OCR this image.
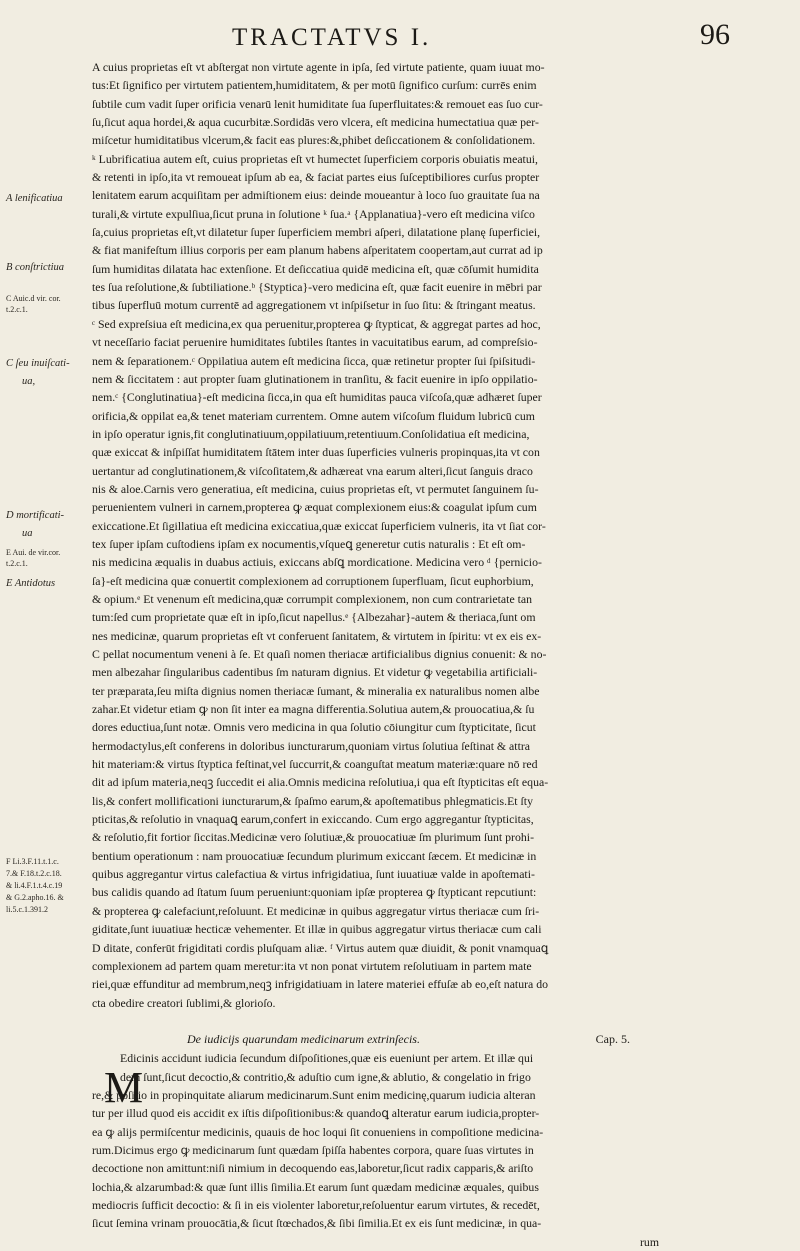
TRACTATVS I.	96
A lenificatiua
B conſtrictiua
C Auic.d vir. cor. t.2.c.1.
C ſeu inuiſcati-
ua,
D mortificati-
ua
E Aui. de vir.cor. t.2.c.1.
E Antidotus
F Li.3.F.11.t.1.c.
7.& F.18.t.2.c.18.
& li.4.F.1.t.4.c.19
& G.2.apho.16. &
li.5.c.1.391.2
A cuius proprietas eſt vt abſtergat non virtute agente in ipſa, ſed virtute patiente, quam iuuat mo-
tus:Et ſignifico per virtutem patientem,humiditatem, & per motū ſignifico curſum: currēs enim
ſubtile cum vadit ſuper orificia venarū lenit humiditate ſua ſuperfluitates:& remouet eas ſuo cur-
ſu,ſicut aqua hordei,& aqua cucurbitæ.Sordidās vero vlcera, eſt medicina humectatiua quæ per-
miſcetur humiditatibus vlcerum,& facit eas plures:&,phibet deſiccationem & conſolidationem.
ᵏ Lubrificatiua autem eſt, cuius proprietas eſt vt humectet ſuperficiem corporis obuiatis meatui,
& retenti in ipſo,ita vt remoueat ipſum ab ea, & faciat partes eius ſuſceptibiliores curſus propter
lenitatem earum acquiſitam per admiſtionem eius: deinde moueantur à loco ſuo grauitate ſua na
turali,& virtute expulſiua,ſicut pruna in ſolutione ᵏ ſua.ᵃ {Applanatiua}-vero eſt medicina viſco
ſa,cuius proprietas eſt,vt dilatetur ſuper ſuperficiem membri aſperi, dilatatione planę ſuperficiei,
& fiat manifeſtum illius corporis per eam planum habens aſperitatem coopertam,aut currat ad ip
ſum humiditas dilatata hac extenſione. Et deſiccatiua quidē medicina eſt, quæ cōſumit humidita
tes ſua reſolutione,& ſubtiliatione.ᵇ {Styptica}-vero medicina eſt, quæ facit euenire in mēbri par
tibus ſuperfluū motum currentē ad aggregationem vt inſpiſsetur in ſuo ſitu: & ſtringant meatus.
ᶜ Sed expreſsiua eſt medicina,ex qua peruenitur,propterea ꝙ ſtypticat, & aggregat partes ad hoc,
vt neceſſario faciat peruenire humiditates ſubtiles ſtantes in vacuitatibus earum, ad compreſsio-
nem & ſeparationem.ᶜ Oppilatiua autem eſt medicina ſicca, quæ retinetur propter ſui ſpiſsitudi-
nem & ſiccitatem : aut propter ſuam glutinationem in tranſitu, & facit euenire in ipſo oppilatio-
nem.ᶜ {Conglutinatiua}-eſt medicina ſicca,in qua eſt humiditas pauca viſcoſa,quæ adhæret ſuper
orificia,& oppilat ea,& tenet materiam currentem. Omne autem viſcoſum fluidum lubricū cum
in ipſo operatur ignis,fit conglutinatiuum,oppilatiuum,retentiuum.Conſolidatiua eſt medicina,
quæ exiccat & inſpiſſat humiditatem ſtātem inter duas ſuperficies vulneris propinquas,ita vt con
uertantur ad conglutinationem,& viſcoſitatem,& adhæreat vna earum alteri,ſicut ſanguis draco
nis & aloe.Carnis vero generatiua, eſt medicina, cuius proprietas eſt, vt permutet ſanguinem ſu-
peruenientem vulneri in carnem,propterea ꝙ æquat complexionem eius:& coagulat ipſum cum
exiccatione.Et ſigillatiua eſt medicina exiccatiua,quæ exiccat ſuperficiem vulneris, ita vt ſiat cor-
tex ſuper ipſam cuſtodiens ipſam ex nocumentis,vſqueꝗ generetur cutis naturalis : Et eſt om-
nis medicina æqualis in duabus actiuis, exiccans abſꝗ mordicatione. Medicina vero ᵈ {pernicio-
ſa}-eſt medicina quæ conuertit complexionem ad corruptionem ſuperfluam, ſicut euphorbium,
& opium.ᵉ Et venenum eſt medicina,quæ corrumpit complexionem, non cum contrarietate tan
tum:ſed cum proprietate quæ eſt in ipſo,ſicut napellus.ᵉ {Albezahar}-autem & theriaca,ſunt om
nes medicinæ, quarum proprietas eſt vt conferuent ſanitatem, & virtutem in ſpiritu: vt ex eis ex-
C pellat nocumentum veneni à ſe. Et quaſi nomen theriacæ artificialibus dignius conuenit: & no-
men albezahar ſingularibus cadentibus ſm naturam dignius. Et videtur ꝙ vegetabilia artificiali-
ter præparata,ſeu miſta dignius nomen theriacæ ſumant, & mineralia ex naturalibus nomen albe
zahar.Et videtur etiam ꝙ non ſit inter ea magna differentia.Solutiua autem,& prouocatiua,& ſu
dores eductiua,ſunt notæ. Omnis vero medicina in qua ſolutio cōiungitur cum ſtypticitate, ſicut
hermodactylus,eſt conferens in doloribus iuncturarum,quoniam virtus ſolutiua ſeſtinat & attra
hit materiam:& virtus ſtyptica feſtinat,vel ſuccurrit,& coanguſtat meatum materiæ:quare nō red
dit ad ipſum materia,neqꝫ ſuccedit ei alia.Omnis medicina reſolutiua,i qua eſt ſtypticitas eſt equa-
lis,& confert mollificationi iuncturarum,& ſpaſmo earum,& apoſtematibus phlegmaticis.Et ſty
pticitas,& reſolutio in vnaquaꝗ earum,confert in exiccando. Cum ergo aggregantur ſtypticitas,
& reſolutio,fit fortior ſiccitas.Medicinæ vero ſolutiuæ,& prouocatiuæ ſm plurimum ſunt prohi-
bentium operationum : nam prouocatiuæ ſecundum plurimum exiccant ſæcem. Et medicinæ in
quibus aggregantur virtus calefactiua & virtus infrigidatiua, ſunt iuuatiuæ valde in apoſtemati-
bus calidis quando ad ſtatum ſuum perueniunt:quoniam ipſæ propterea ꝙ ſtypticant repcutiunt:
& propterea ꝙ calefaciunt,reſoluunt. Et medicinæ in quibus aggregatur virtus theriacæ cum ſri-
giditate,ſunt iuuatiuæ hecticæ vehementer. Et illæ in quibus aggregatur virtus theriacæ cum cali
D ditate, conferūt frigiditati cordis pluſquam aliæ. ᶠ Virtus autem quæ diuidit, & ponit vnamquaꝗ
complexionem ad partem quam meretur:ita vt non ponat virtutem reſolutiuam in partem mate
riei,quæ effunditur ad membrum,neqꝫ infrigidatiuam in latere materiei effuſæ ab eo,eſt natura do
cta obedire creatori ſublimi,& glorioſo.
De iudicijs quarundam medicinarum extrinſecis.	Cap. 5.
Edicinis accidunt iudicia ſecundum diſpoſitiones,quæ eis eueniunt per artem. Et illæ qui
dem ſunt,ſicut decoctio,& contritio,& aduſtio cum igne,& ablutio, & congelatio in frigo
re,& poſitio in propinquitate aliarum medicinarum.Sunt enim medicinę,quarum iudicia alteran
tur per illud quod eis accidit ex iſtis diſpoſitionibus:& quandoꝗ alteratur earum iudicia,propter-
ea ꝙ alijs permiſcentur medicinis, quauis de hoc loqui ſit conueniens in compoſitione medicina-
rum.Dicimus ergo ꝙ medicinarum ſunt quædam ſpiſſa habentes corpora, quare ſuas virtutes in
decoctione non amittunt:niſi nimium in decoquendo eas,laboretur,ſicut radix capparis,& ariſto
lochia,& alzarumbad:& quæ ſunt illis ſimilia.Et earum ſunt quædam medicinæ æquales, quibus
mediocris ſufficit decoctio: & ſi in eis violenter laboretur,reſoluentur earum virtutes, & recedēt,
ſicut ſemina vrinam prouocātia,& ſicut ſtœchados,& ſibi ſimilia.Et ex eis ſunt medicinæ, in qua-
rum
M
